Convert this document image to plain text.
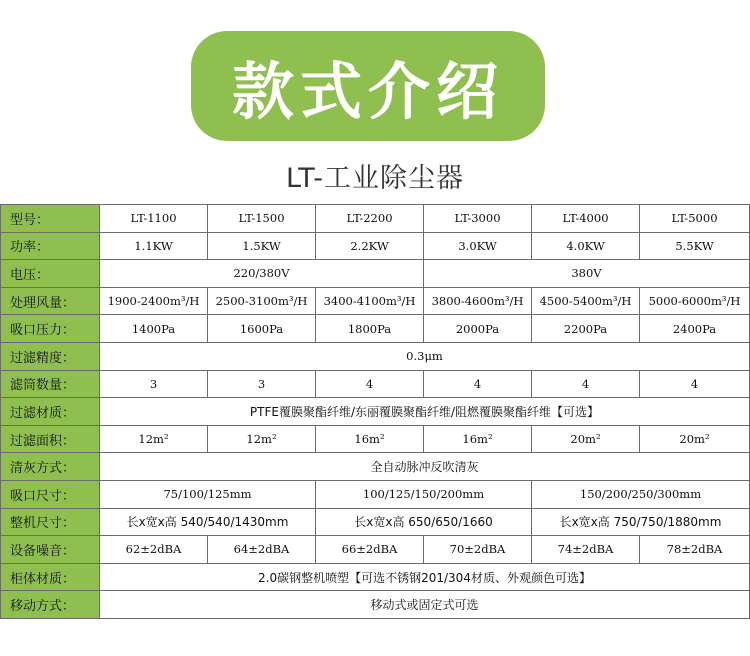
款式介绍
LT-工业除尘器
型号：	LT-1100	LT-1500	LT-2200	LT-3000	LT-4000	LT-5000
功率：	1.1KW	1.5KW	2.2KW	3.0KW	4.0KW	5.5KW
电压：	220/380V			380V		
处理风量：	1900-2400m³/H	2500-3100m³/H	3400-4100m³/H	3800-4600m³/H	4500-5400m³/H	5000-6000m³/H
吸口压力：	1400Pa	1600Pa	1800Pa	2000Pa	2200Pa	2400Pa
过滤精度：	0.3μm					
滤筒数量：	3	3	4	4	4	4
过滤材质：	PTFE覆膜聚酯纤维/东丽覆膜聚酯纤维/阻燃覆膜聚酯纤维【可选】					
过滤面积：	12m²	12m²	16m²	16m²	20m²	20m²
清灰方式：	全自动脉冲反吹清灰					
吸口尺寸：	75/100/125mm		100/125/150/200mm		150/200/250/300mm	
整机尺寸：	长x宽x高 540/540/1430mm		长x宽x高 650/650/1660		长x宽x高 750/750/1880mm	
设备噪音：	62±2dBA	64±2dBA	66±2dBA	70±2dBA	74±2dBA	78±2dBA
柜体材质：	2.0碳钢整机喷塑【可选不锈钢201/304材质、外观颜色可选】					
移动方式：	移动式或固定式可选					
